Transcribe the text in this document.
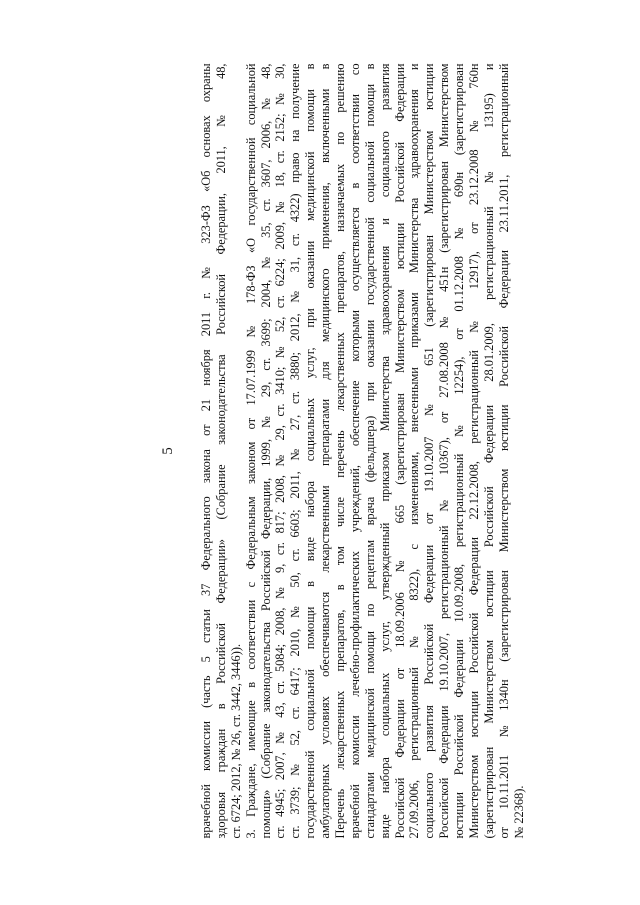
5 врачебной комиссии (часть 5 статьи 37 Федерального закона от 21 ноября 2011 г. № 323-ФЗ «Об основах охраны здоровья граждан в Российской Федерации» (Собрание законодательства Российской Федерации, 2011, № 48, ст. 6724; 2012, № 26, ст. 3442, 3446)). 3. Граждане, имеющие в соответствии с Федеральным законом от 17.07.1999 № 178-ФЗ «О государственной социальной помощи» (Собрание законодательства Российской Федерации, 1999, № 29, ст. 3699; 2004, № 35, ст. 3607, 2006, № 48, ст. 4945; 2007, № 43, ст. 5084; 2008, № 9, ст. 817; 2008, № 29, ст. 3410; № 52, ст. 6224; 2009, № 18, ст. 2152; № 30, ст. 3739; № 52, ст. 6417; 2010, № 50, ст. 6603; 2011, № 27, ст. 3880; 2012, № 31, ст. 4322) право на получение государственной социальной помощи в виде набора социальных услуг, при оказании медицинской помощи в амбулаторных условиях обеспечиваются лекарственными препаратами для медицинского применения, включенными в Перечень лекарственных препаратов, в том числе перечень лекарственных препаратов, назначаемых по решению врачебной комиссии лечебно-профилактических учреждений, обеспечение которыми осуществляется в соответствии со стандартами медицинской помощи по рецептам врача (фельдшера) при оказании государственной социальной помощи в виде набора социальных услуг, утвержденный приказом Министерства здравоохранения и социального развития Российской Федерации от 18.09.2006 № 665 (зарегистрирован Министерством юстиции Российской Федерации 27.09.2006, регистрационный № 8322), с изменениями, внесенными приказами Министерства здравоохранения и социального развития Российской Федерации от 19.10.2007 № 651 (зарегистрирован Министерством юстиции Российской Федерации 19.10.2007, регистрационный № 10367), от 27.08.2008 № 451н (зарегистрирован Министерством юстиции Российской Федерации 10.09.2008, регистрационный № 12254), от 01.12.2008 № 690н (зарегистрирован Министерством юстиции Российской Федерации 22.12.2008, регистрационный № 12917), от 23.12.2008 № 760н (зарегистрирован Министерством юстиции Российской Федерации 28.01.2009, регистрационный № 13195) и от 10.11.2011 №1340н (зарегистрирован Министерством юстиции Российской Федерации 23.11.2011, регистрационный № 22368).
